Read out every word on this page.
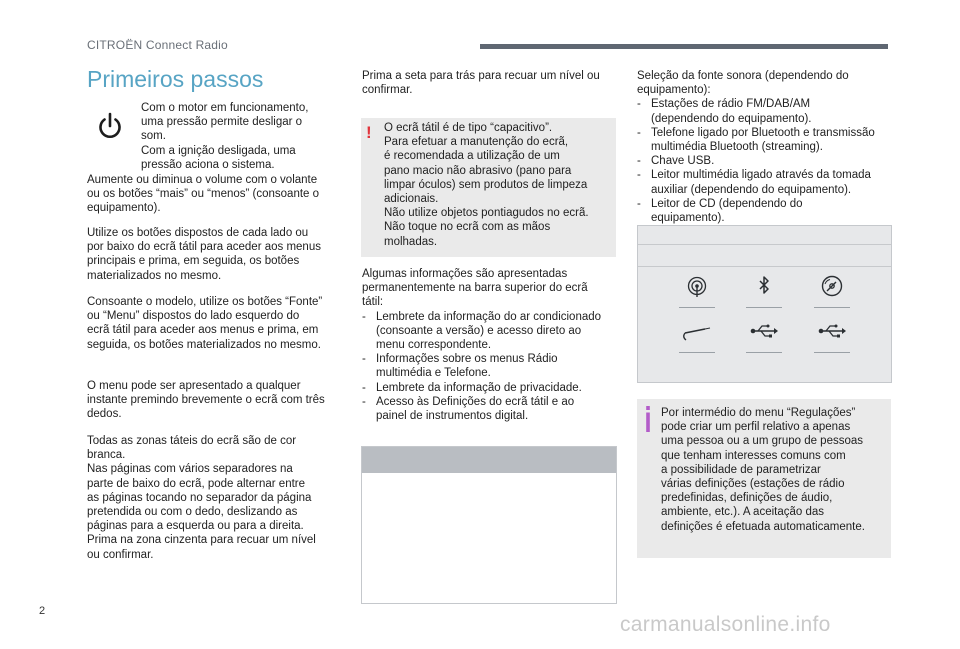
CITROËN Connect Radio
Primeiros passos
Com o motor em funcionamento,
uma pressão permite desligar o
som.
Com a ignição desligada, uma
pressão aciona o sistema.
Aumente ou diminua o volume com o volante
ou os botões “mais” ou “menos” (consoante o
equipamento).
Utilize os botões dispostos de cada lado ou
por baixo do ecrã tátil para aceder aos menus
principais e prima, em seguida, os botões
materializados no mesmo.
Consoante o modelo, utilize os botões “Fonte”
ou “Menu” dispostos do lado esquerdo do
ecrã tátil para aceder aos menus e prima, em
seguida, os botões materializados no mesmo.
O menu pode ser apresentado a qualquer
instante premindo brevemente o ecrã com três
dedos.
Todas as zonas táteis do ecrã são de cor
branca.
Nas páginas com vários separadores na
parte de baixo do ecrã, pode alternar entre
as páginas tocando no separador da página
pretendida ou com o dedo, deslizando as
páginas para a esquerda ou para a direita.
Prima na zona cinzenta para recuar um nível
ou confirmar.
Prima a seta para trás para recuar um nível ou
confirmar.
! O ecrã tátil é de tipo “capacitivo”.
Para efetuar a manutenção do ecrã,
é recomendada a utilização de um
pano macio não abrasivo (pano para
limpar óculos) sem produtos de limpeza
adicionais.
Não utilize objetos pontiagudos no ecrã.
Não toque no ecrã com as mãos
molhadas.
Algumas informações são apresentadas
permanentemente na barra superior do ecrã
tátil:
- Lembrete da informação do ar condicionado
(consoante a versão) e acesso direto ao
menu correspondente.
- Informações sobre os menus Rádio
multimédia e Telefone.
- Lembrete da informação de privacidade.
- Acesso às Definições do ecrã tátil e ao
painel de instrumentos digital.
Seleção da fonte sonora (dependendo do
equipamento):
- Estações de rádio FM/DAB/AM
(dependendo do equipamento).
- Telefone ligado por Bluetooth e transmissão
multimédia Bluetooth (streaming).
- Chave USB.
- Leitor multimédia ligado através da tomada
auxiliar (dependendo do equipamento).
- Leitor de CD (dependendo do
equipamento).
Por intermédio do menu “Regulações”
pode criar um perfil relativo a apenas
uma pessoa ou a um grupo de pessoas
que tenham interesses comuns com
a possibilidade de parametrizar
várias definições (estações de rádio
predefinidas, definições de áudio,
ambiente, etc.). A aceitação das
definições é efetuada automaticamente.
2
carmanualsonline.info
